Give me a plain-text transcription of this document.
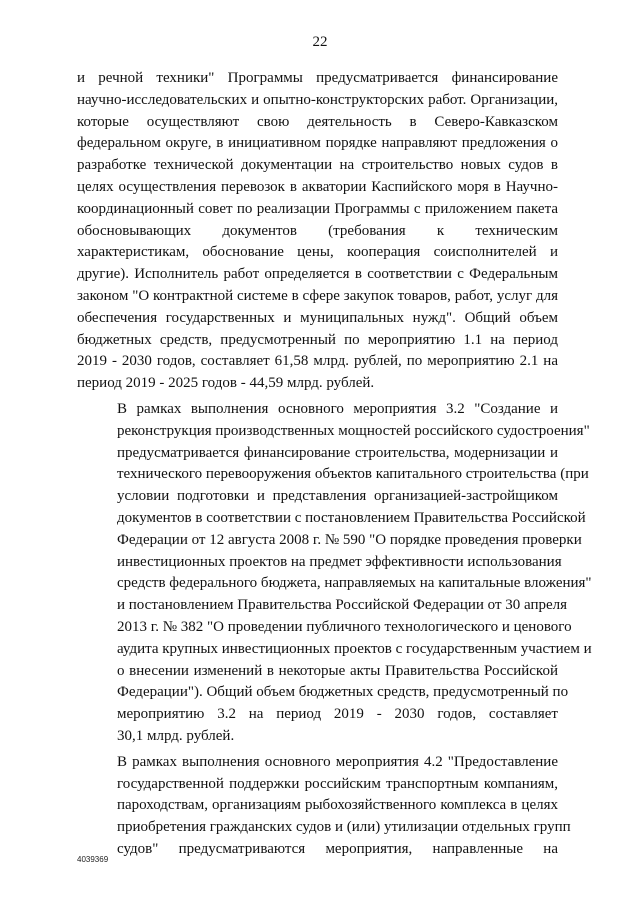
22

и речной техники" Программы предусматривается финансирование
научно-исследовательских и опытно-конструкторских работ. Организации,
которые осуществляют свою деятельность в Северо-Кавказском
федеральном округе, в инициативном порядке направляют предложения о
разработке технической документации на строительство новых судов в
целях осуществления перевозок в акватории Каспийского моря в Научно-
координационный совет по реализации Программы с приложением пакета
обосновывающих документов (требования к техническим
характеристикам, обоснование цены, кооперация соисполнителей и
другие). Исполнитель работ определяется в соответствии с Федеральным
законом "О контрактной системе в сфере закупок товаров, работ, услуг для
обеспечения государственных и муниципальных нужд". Общий объем
бюджетных средств, предусмотренный по мероприятию 1.1 на период
2019 - 2030 годов, составляет 61,58 млрд. рублей, по мероприятию 2.1 на
период 2019 - 2025 годов - 44,59 млрд. рублей.

В рамках выполнения основного мероприятия 3.2 "Создание и
реконструкция производственных мощностей российского судостроения"
предусматривается финансирование строительства, модернизации и
технического перевооружения объектов капитального строительства (при
условии подготовки и представления организацией-застройщиком
документов в соответствии с постановлением Правительства Российской
Федерации от 12 августа 2008 г. № 590 "О порядке проведения проверки
инвестиционных проектов на предмет эффективности использования
средств федерального бюджета, направляемых на капитальные вложения"
и постановлением Правительства Российской Федерации от 30 апреля
2013 г. № 382 "О проведении публичного технологического и ценового
аудита крупных инвестиционных проектов с государственным участием и
о внесении изменений в некоторые акты Правительства Российской
Федерации"). Общий объем бюджетных средств, предусмотренный по
мероприятию 3.2 на период 2019 - 2030 годов, составляет
30,1 млрд. рублей.

В рамках выполнения основного мероприятия 4.2 "Предоставление
государственной поддержки российским транспортным компаниям,
пароходствам, организациям рыбохозяйственного комплекса в целях
приобретения гражданских судов и (или) утилизации отдельных групп
судов" предусматриваются мероприятия, направленные на

4039369
